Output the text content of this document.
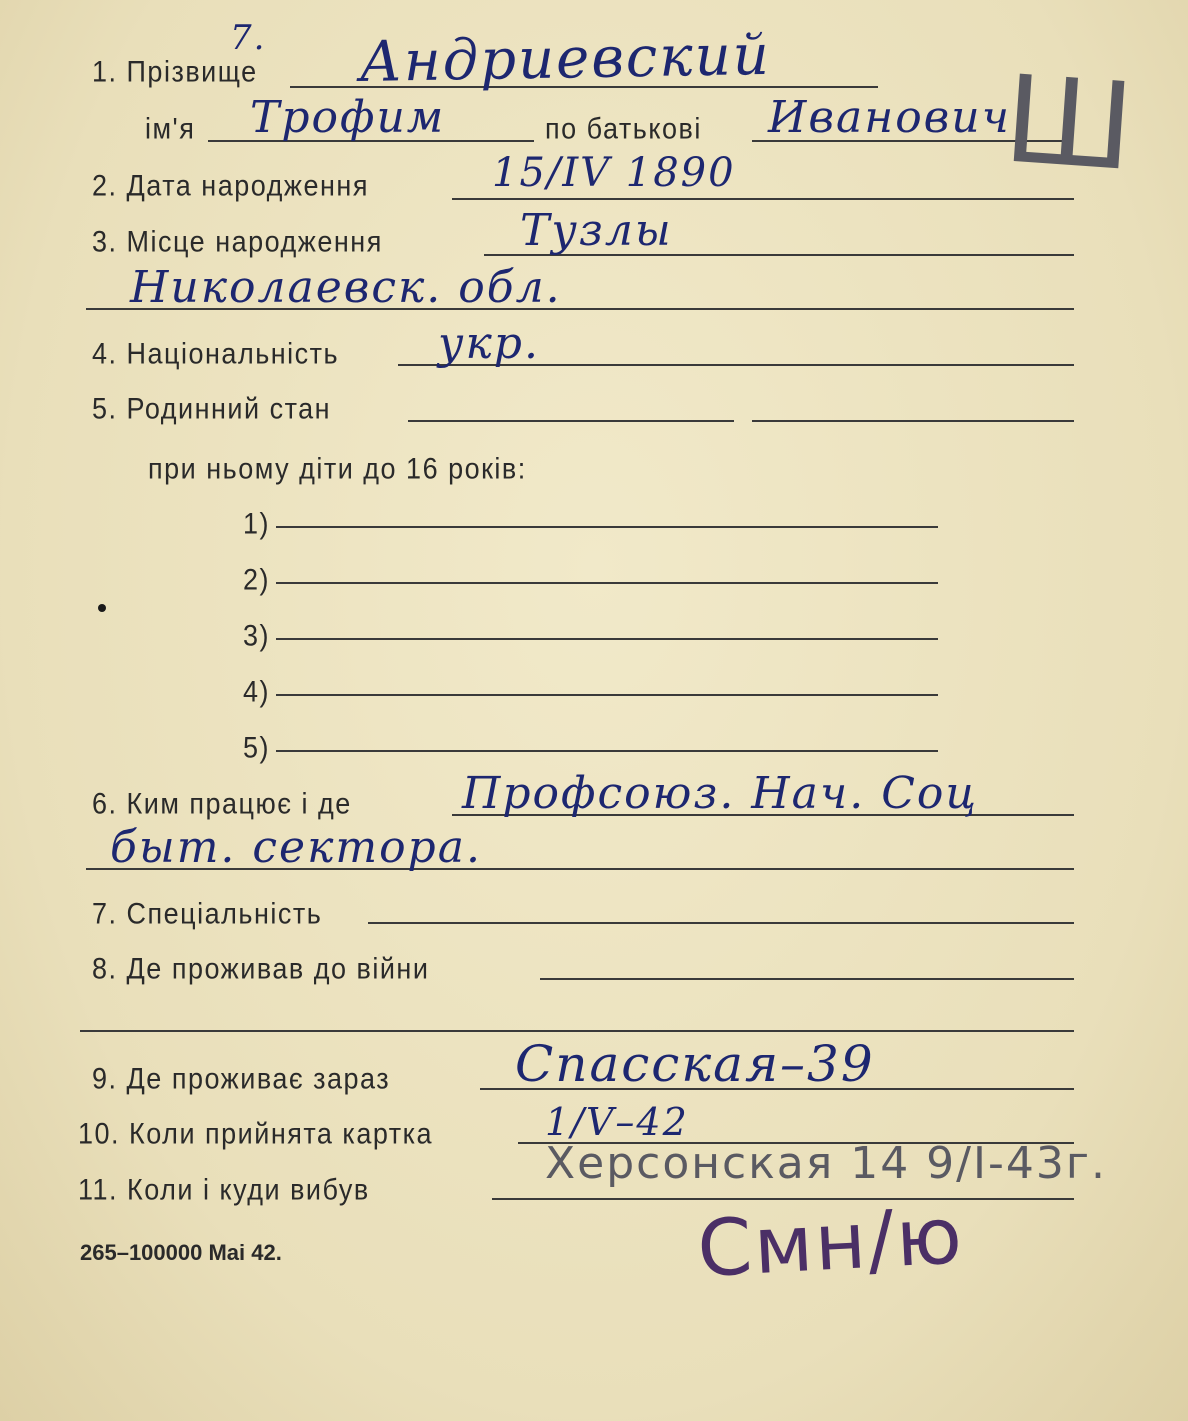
1. Прізвище
7. Андриевский
ім'я Трофим	по батькові Иванович
Ш
2. Дата народження	15/IV 1890
3. Місце народження	Тузлы
Николаевск. обл.
4. Національність укр.
5. Родинний стан
при ньому діти до 16 років:
1)
2)
3)
4)
5)
6. Ким працює і де	Профсоюз. Нач. Соц
быт. сектора.
7. Спеціальність
8. Де проживав до війни
9. Де проживає зараз Спасская–39
10. Коли прийнята картка	1/V–42
11. Коли і куди вибув
Херсонская 14 9/I-43г.
265–100000 Mai 42.	Смн/ю
